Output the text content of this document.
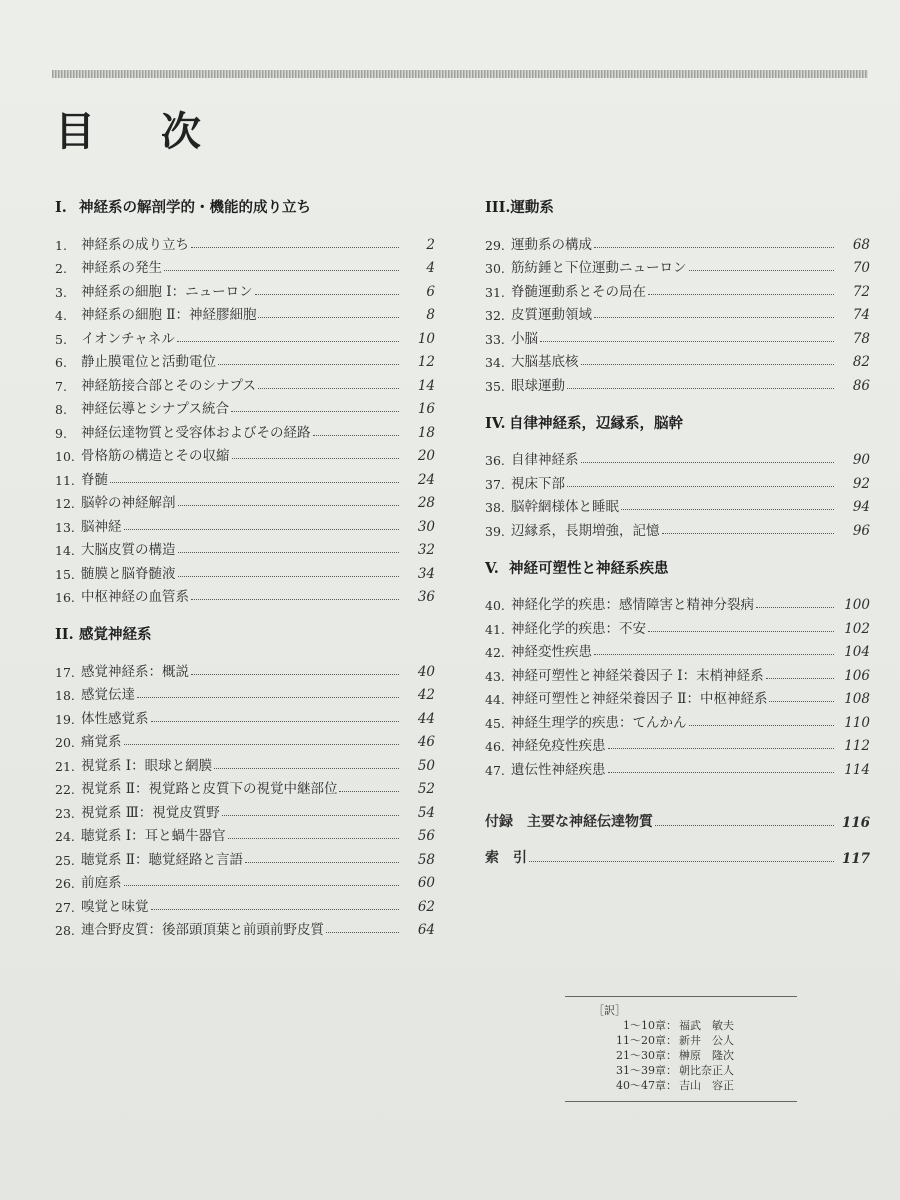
目 次
I. 神経系の解剖学的・機能的成り立ち
1.	神経系の成り立ち	2
2.	神経系の発生	4
3.	神経系の細胞 Ⅰ：ニューロン	6
4.	神経系の細胞 Ⅱ：神経膠細胞	8
5.	イオンチャネル	10
6.	静止膜電位と活動電位	12
7.	神経筋接合部とそのシナプス	14
8.	神経伝導とシナプス統合	16
9.	神経伝達物質と受容体およびその経路	18
10. 骨格筋の構造とその収縮	20
11. 脊髄	24
12. 脳幹の神経解剖	28
13. 脳神経	30
14. 大脳皮質の構造	32
15. 髄膜と脳脊髄液	34
16. 中枢神経の血管系	36
II. 感覚神経系
17. 感覚神経系：概説	40
18. 感覚伝達	42
19. 体性感覚系	44
20. 痛覚系	46
21. 視覚系 Ⅰ：眼球と網膜	50
22. 視覚系 Ⅱ：視覚路と皮質下の視覚中継部位	52
23. 視覚系 Ⅲ：視覚皮質野	54
24. 聴覚系 Ⅰ：耳と蝸牛器官	56
25. 聴覚系 Ⅱ：聴覚経路と言語	58
26. 前庭系	60
27. 嗅覚と味覚	62
28. 連合野皮質：後部頭頂葉と前頭前野皮質	64
III.運動系
29. 運動系の構成	68
30. 筋紡錘と下位運動ニューロン	70
31. 脊髄運動系とその局在	72
32. 皮質運動領域	74
33. 小脳	78
34. 大脳基底核	82
35. 眼球運動	86
IV. 自律神経系，辺縁系，脳幹
36. 自律神経系	90
37. 視床下部	92
38. 脳幹網様体と睡眠	94
39. 辺縁系，長期増強，記憶	96
V. 神経可塑性と神経系疾患
40. 神経化学的疾患：感情障害と精神分裂病	100
41. 神経化学的疾患：不安	102
42. 神経変性疾患	104
43. 神経可塑性と神経栄養因子 Ⅰ：末梢神経系	106
44. 神経可塑性と神経栄養因子 Ⅱ：中枢神経系	108
45. 神経生理学的疾患：てんかん	110
46. 神経免疫性疾患	112
47. 遺伝性神経疾患	114
付録　主要な神経伝達物質	116
索　引	117
［訳］
1～10章： 福武　敏夫
11～20章： 新井　公人
21～30章： 榊原　隆次
31～39章： 朝比奈正人
40～47章： 吉山　容正
